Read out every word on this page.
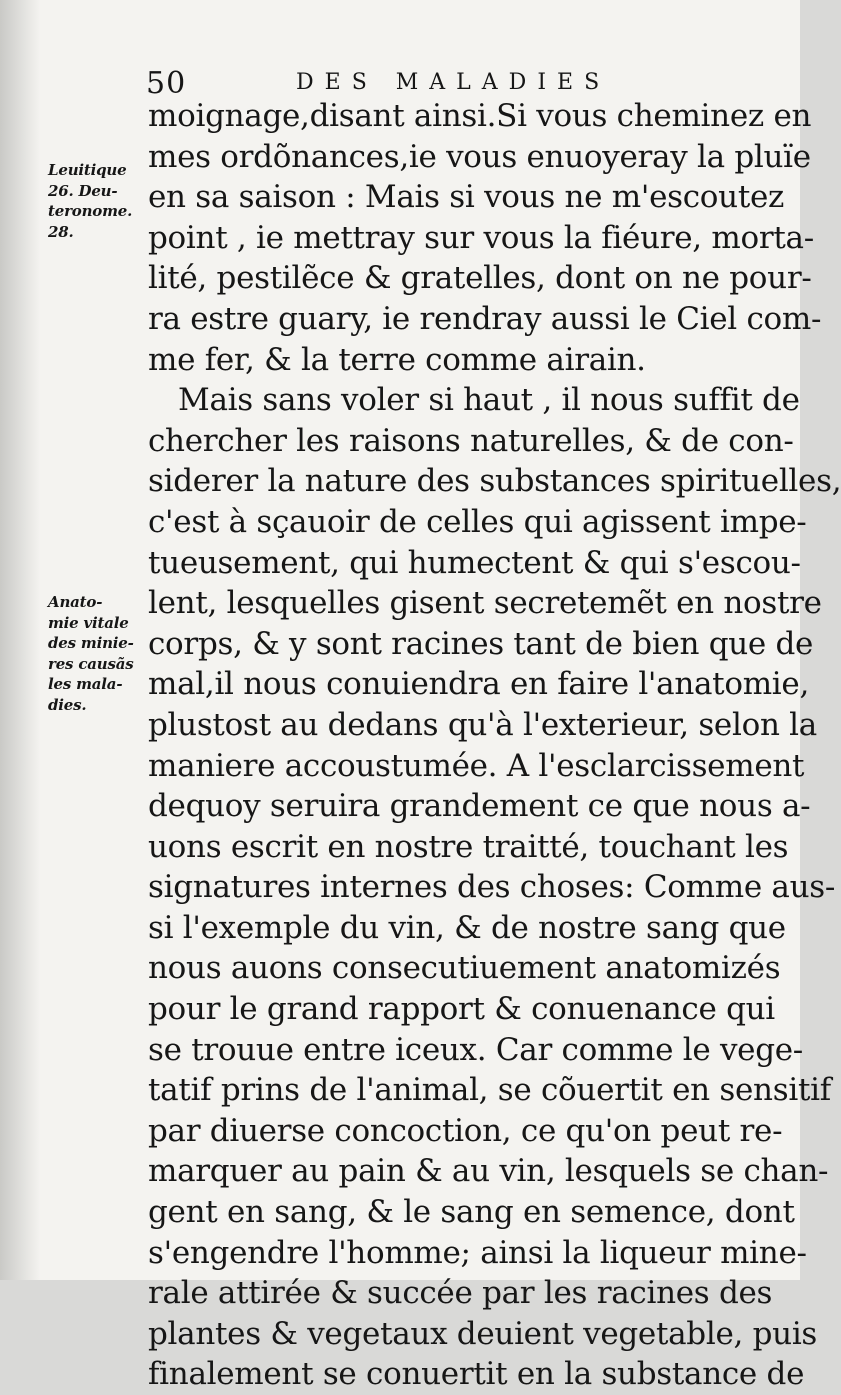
50	DES MALADIES
Leuitique
26. Deu-
teronome.
28.
Anato-
mie vitale
des minie-
res causãs
les mala-
dies.
moignage,disant ainsi.Si vous cheminez en
mes ordõnances,ie vous enuoyeray la pluïe
en sa saison : Mais si vous ne m'escoutez
point , ie mettray sur vous la fiéure, morta-
lité, pestilẽce & gratelles, dont on ne pour-
ra estre guary, ie rendray aussi le Ciel com-
me fer, & la terre comme airain.
Mais sans voler si haut , il nous suffit de
chercher les raisons naturelles, & de con-
siderer la nature des substances spirituelles,
c'est à sçauoir de celles qui agissent impe-
tueusement, qui humectent & qui s'escou-
lent, lesquelles gisent secretemẽt en nostre
corps, & y sont racines tant de bien que de
mal,il nous conuiendra en faire l'anatomie,
plustost au dedans qu'à l'exterieur, selon la
maniere accoustumée. A l'esclarcissement
dequoy seruira grandement ce que nous a-
uons escrit en nostre traitté, touchant les
signatures internes des choses: Comme aus-
si l'exemple du vin, & de nostre sang que
nous auons consecutiuement anatomizés
pour le grand rapport & conuenance qui
se trouue entre iceux. Car comme le vege-
tatif prins de l'animal, se cõuertit en sensitif
par diuerse concoction, ce qu'on peut re-
marquer au pain & au vin, lesquels se chan-
gent en sang, & le sang en semence, dont
s'engendre l'homme; ainsi la liqueur mine-
rale attirée & succée par les racines des
plantes & vegetaux deuient vegetable, puis
finalement se conuertit en la substance de
